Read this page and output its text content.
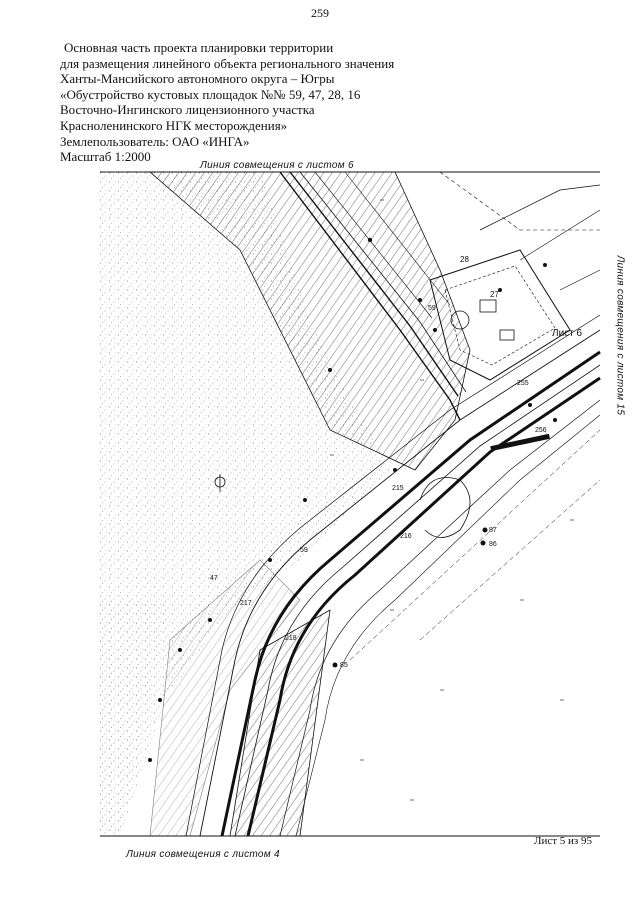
259
Основная часть проекта планировки территории
для размещения линейного объекта регионального значения
Ханты-Мансийского автономного округа – Югры
«Обустройство кустовых площадок №№ 59, 47, 28, 16
Восточно-Ингинского лицензионного участка
Красноленинского НГК месторождения»
Землепользователь: ОАО «ИНГА»
Масштаб 1:2000
28
27
59
87
86
85
255
256
215
216
217
218
47
59
Лист 6
Линия совмещения с листом 6
Линия совмещения с листом 4
Линия совмещения с листом 15
Лист 5 из 95
